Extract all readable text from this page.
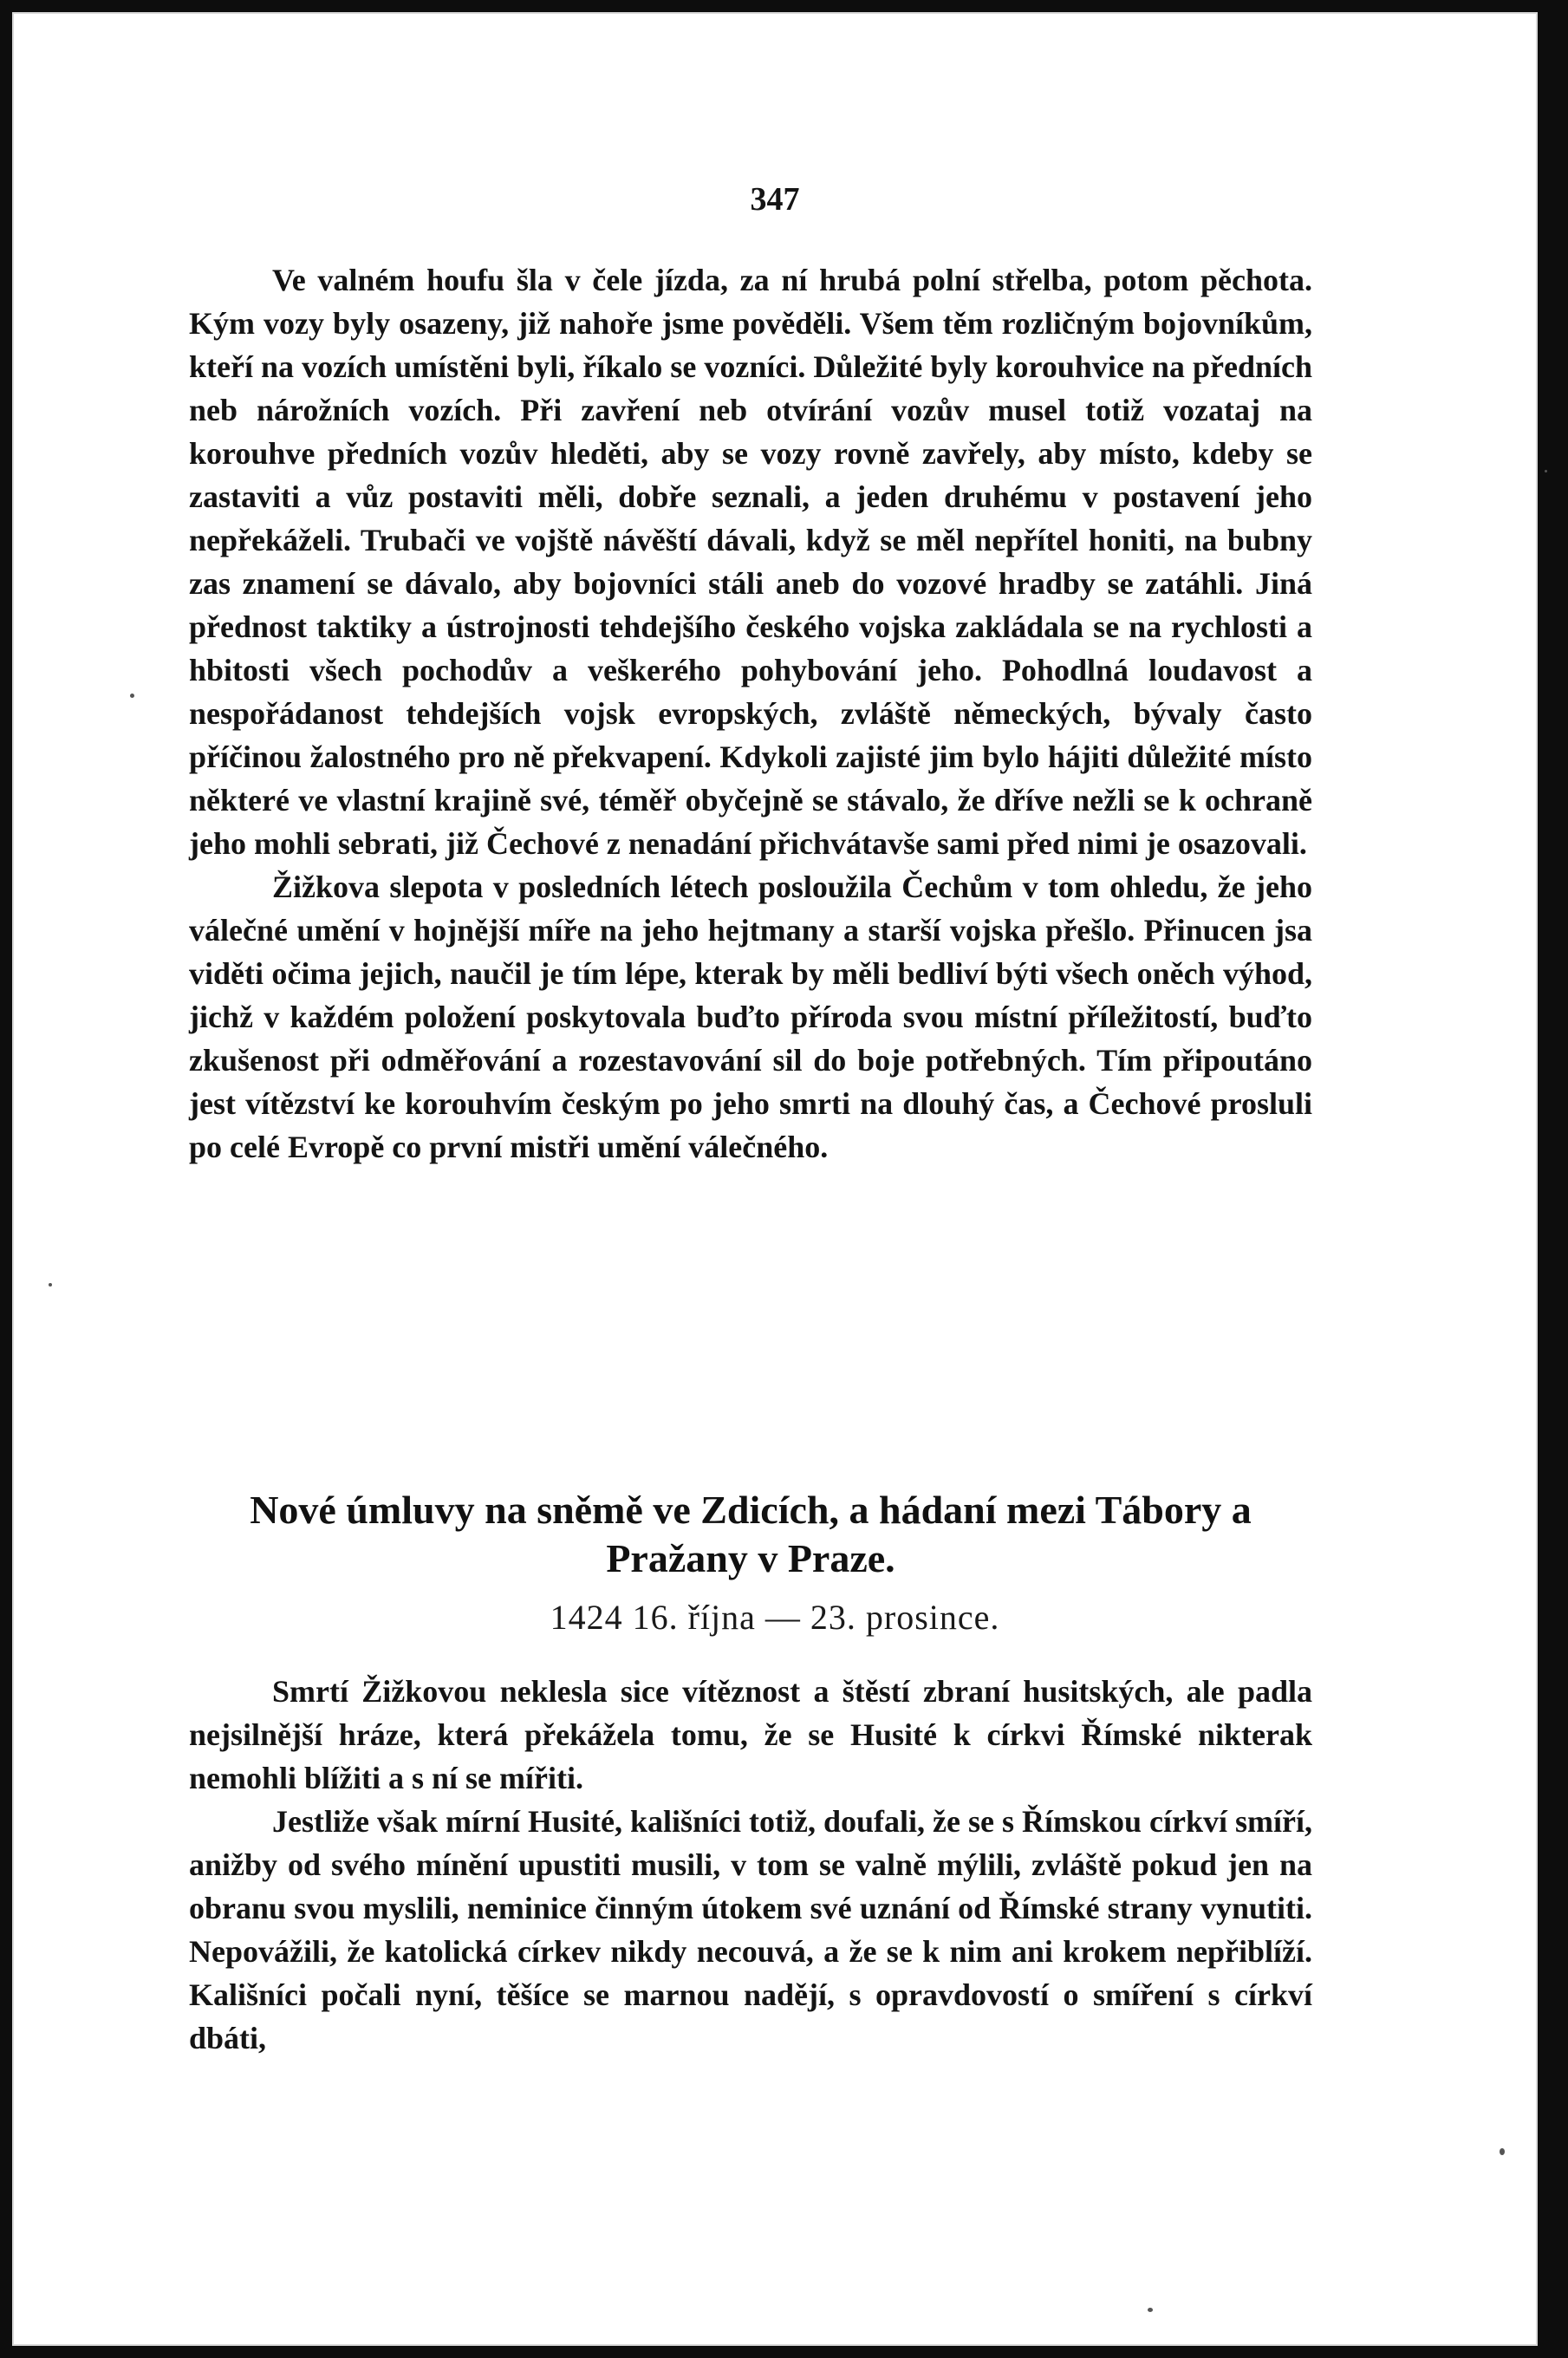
347

Ve valném houfu šla v čele jízda, za ní hrubá polní střelba, potom pěchota. Kým vozy byly osazeny, již nahoře jsme pověděli. Všem těm rozličným bojovníkům, kteří na vozích umístěni byli, říkalo se vozníci. Důležité byly korouhvice na předních neb nárožních vozích. Při zavření neb otvírání vozův musel totiž vozataj na korouhve předních vozův hleděti, aby se vozy rovně zavřely, aby místo, kdeby se zastaviti a vůz postaviti měli, dobře seznali, a jeden druhému v postavení jeho nepřekáželi. Trubači ve vojště návěští dávali, když se měl nepřítel honiti, na bubny zas znamení se dávalo, aby bojovníci stáli aneb do vozové hradby se zatáhli. Jiná přednost taktiky a ústrojnosti tehdejšího českého vojska zakládala se na rychlosti a hbitosti všech pochodův a veškerého pohybování jeho. Pohodlná loudavost a nespořádanost tehdejších vojsk evropských, zvláště německých, bývaly často příčinou žalostného pro ně překvapení. Kdykoli zajisté jim bylo hájiti důležité místo některé ve vlastní krajině své, téměř obyčejně se stávalo, že dříve nežli se k ochraně jeho mohli sebrati, již Čechové z nenadání přichvátavše sami před nimi je osazovali.

Žižkova slepota v posledních létech posloužila Čechům v tom ohledu, že jeho válečné umění v hojnější míře na jeho hejtmany a starší vojska přešlo. Přinucen jsa viděti očima jejich, naučil je tím lépe, kterak by měli bedliví býti všech oněch výhod, jichž v každém položení poskytovala buďto příroda svou místní příležitostí, buďto zkušenost při odměřování a rozestavování sil do boje potřebných. Tím připoutáno jest vítězství ke korouhvím českým po jeho smrti na dlouhý čas, a Čechové prosluli po celé Evropě co první mistři umění válečného.

Nové úmluvy na sněmě ve Zdicích, a hádaní mezi Tábory a Pražany v Praze.
1424 16. října — 23. prosince.

Smrtí Žižkovou neklesla sice vítěznost a štěstí zbraní husitských, ale padla nejsilnější hráze, která překážela tomu, že se Husité k církvi Římské nikterak nemohli blížiti a s ní se mířiti.

Jestliže však mírní Husité, kališníci totiž, doufali, že se s Římskou církví smíří, anižby od svého mínění upustiti musili, v tom se valně mýlili, zvláště pokud jen na obranu svou myslili, neminice činným útokem své uznání od Římské strany vynutiti. Nepovážili, že katolická církev nikdy necouvá, a že se k nim ani krokem nepřiblíží. Kališníci počali nyní, těšíce se marnou nadějí, s opravdovostí o smíření s církví dbáti,
